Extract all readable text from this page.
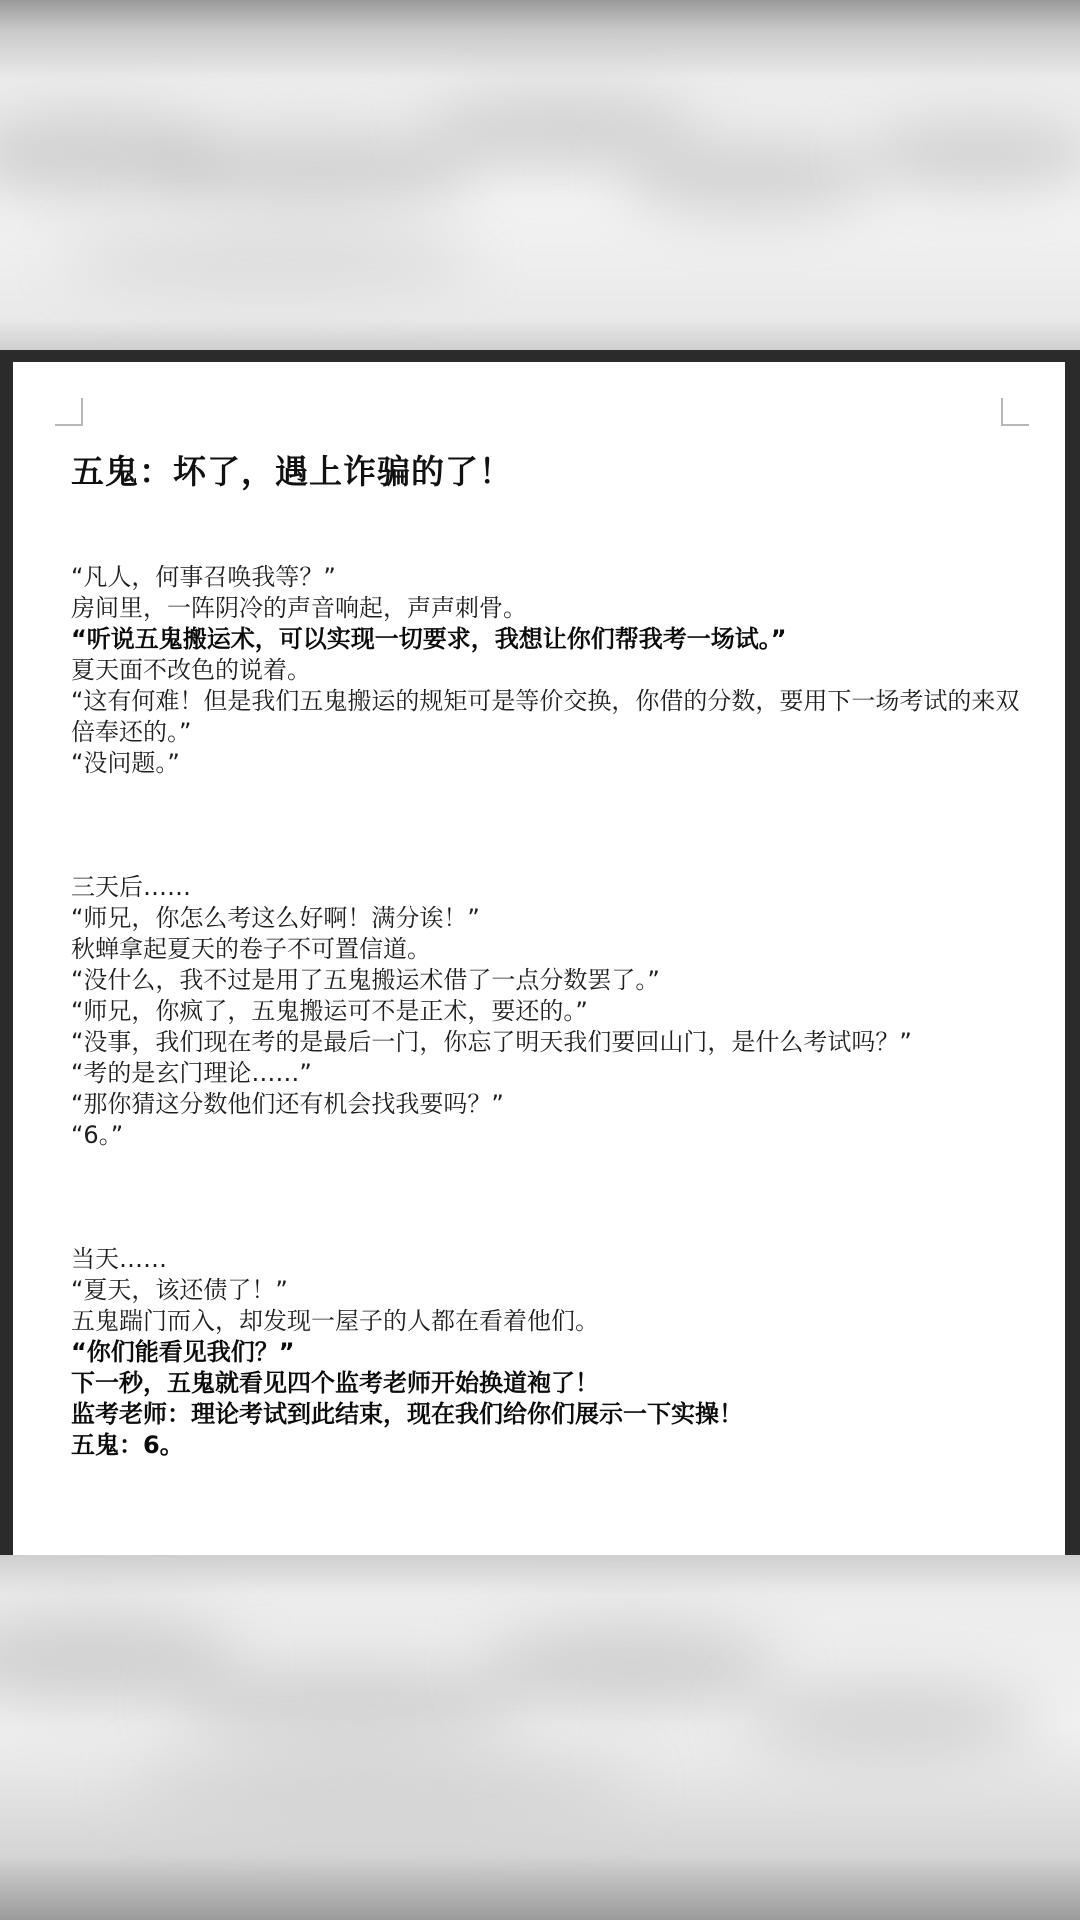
五鬼：坏了，遇上诈骗的了！

“凡人，何事召唤我等？”

房间里，一阵阴冷的声音响起，声声刺骨。

“听说五鬼搬运术，可以实现一切要求，我想让你们帮我考一场试。”

夏天面不改色的说着。

“这有何难！但是我们五鬼搬运的规矩可是等价交换，你借的分数，要用下一场考试的来双倍奉还的。”

“没问题。”

三天后……

“师兄，你怎么考这么好啊！满分诶！”

秋蝉拿起夏天的卷子不可置信道。

“没什么，我不过是用了五鬼搬运术借了一点分数罢了。”

“师兄，你疯了，五鬼搬运可不是正术，要还的。”

“没事，我们现在考的是最后一门，你忘了明天我们要回山门，是什么考试吗？”

“考的是玄门理论……”

“那你猜这分数他们还有机会找我要吗？”

“6。”

当天……

“夏天，该还债了！”

五鬼踹门而入，却发现一屋子的人都在看着他们。

“你们能看见我们？”

下一秒，五鬼就看见四个监考老师开始换道袍了！

监考老师：理论考试到此结束，现在我们给你们展示一下实操！

五鬼：6。
